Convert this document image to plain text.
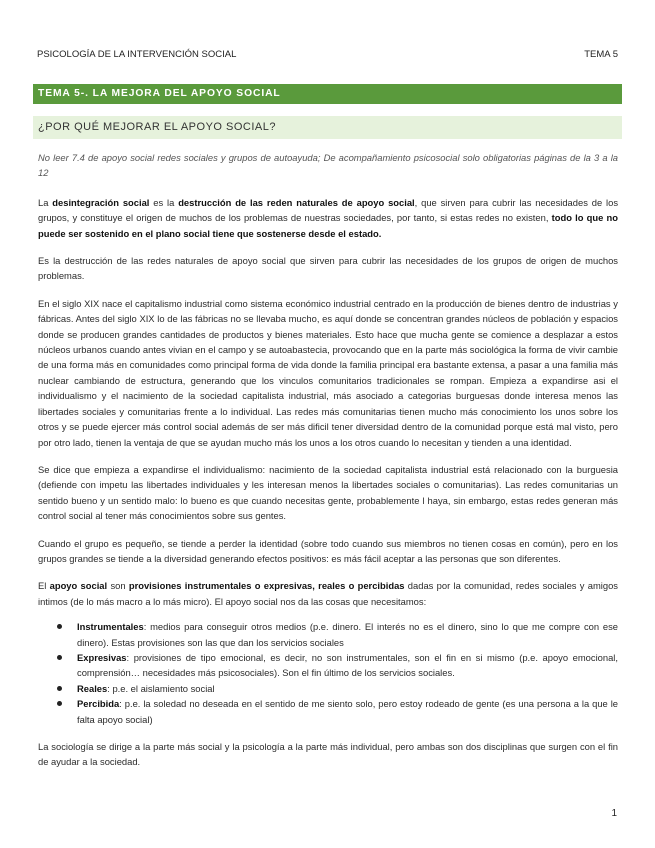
PSICOLOGÍA DE LA INTERVENCIÓN SOCIAL	TEMA 5
TEMA 5-. LA MEJORA DEL APOYO SOCIAL
¿POR QUÉ MEJORAR EL APOYO SOCIAL?

No leer 7.4 de apoyo social redes sociales y grupos de autoayuda; De acompañamiento psicosocial solo obligatorias páginas de la 3 a la 12

La desintegración social es la destrucción de las reden naturales de apoyo social, que sirven para cubrir las necesidades de los grupos, y constituye el origen de muchos de los problemas de nuestras sociedades, por tanto, si estas redes no existen, todo lo que no puede ser sostenido en el plano social tiene que sostenerse desde el estado.

Es la destrucción de las redes naturales de apoyo social que sirven para cubrir las necesidades de los grupos de origen de muchos problemas.

En el siglo XIX nace el capitalismo industrial como sistema económico industrial centrado en la producción de bienes dentro de industrias y fábricas. Antes del siglo XIX lo de las fábricas no se llevaba mucho, es aquí donde se concentran grandes núcleos de población y espacios donde se producen grandes cantidades de productos y bienes materiales. Esto hace que mucha gente se comience a desplazar a estos núcleos urbanos cuando antes vivian en el campo y se autoabastecia, provocando que en la parte más sociológica la forma de vivir cambie de una forma más en comunidades como principal forma de vida donde la familia principal era bastante extensa, a pasar a una familia más nuclear cambiando de estructura, generando que los vinculos comunitarios tradicionales se rompan. Empieza a expandirse asi el individualismo y el nacimiento de la sociedad capitalista industrial, más asociado a categorias burguesas donde interesa menos las libertades sociales y comunitarias frente a lo individual. Las redes más comunitarias tienen mucho más conocimiento los unos sobre los otros y se puede ejercer más control social además de ser más dificil tener diversidad dentro de la comunidad porque está mal visto, pero por otro lado, tienen la ventaja de que se ayudan mucho más los unos a los otros cuando lo necesitan y tienden a una identidad.

Se dice que empieza a expandirse el individualismo: nacimiento de la sociedad capitalista industrial está relacionado con la burguesia (defiende con impetu las libertades individuales y les interesan menos la libertades sociales o comunitarias). Las redes comunitarias un sentido bueno y un sentido malo: lo bueno es que cuando necesitas gente, probablemente l haya, sin embargo, estas redes generan más control social al tener más conocimientos sobre sus gentes.

Cuando el grupo es pequeño, se tiende a perder la identidad (sobre todo cuando sus miembros no tienen cosas en común), pero en los grupos grandes se tiende a la diversidad generando efectos positivos: es más fácil aceptar a las personas que son diferentes.

El apoyo social son provisiones instrumentales o expresivas, reales o percibidas dadas por la comunidad, redes sociales y amigos intimos (de lo más macro a lo más micro). El apoyo social nos da las cosas que necesitamos:

Instrumentales: medios para conseguir otros medios (p.e. dinero. El interés no es el dinero, sino lo que me compre con ese dinero). Estas provisiones son las que dan los servicios sociales
Expresivas: provisiones de tipo emocional, es decir, no son instrumentales, son el fin en si mismo (p.e. apoyo emocional, comprensión… necesidades más psicosociales). Son el fin último de los servicios sociales.
Reales: p.e. el aislamiento social
Percibida: p.e. la soledad no deseada en el sentido de me siento solo, pero estoy rodeado de gente (es una persona a la que le falta apoyo social)

La sociología se dirige a la parte más social y la psicología a la parte más individual, pero ambas son dos disciplinas que surgen con el fin de ayudar a la sociedad.

1
